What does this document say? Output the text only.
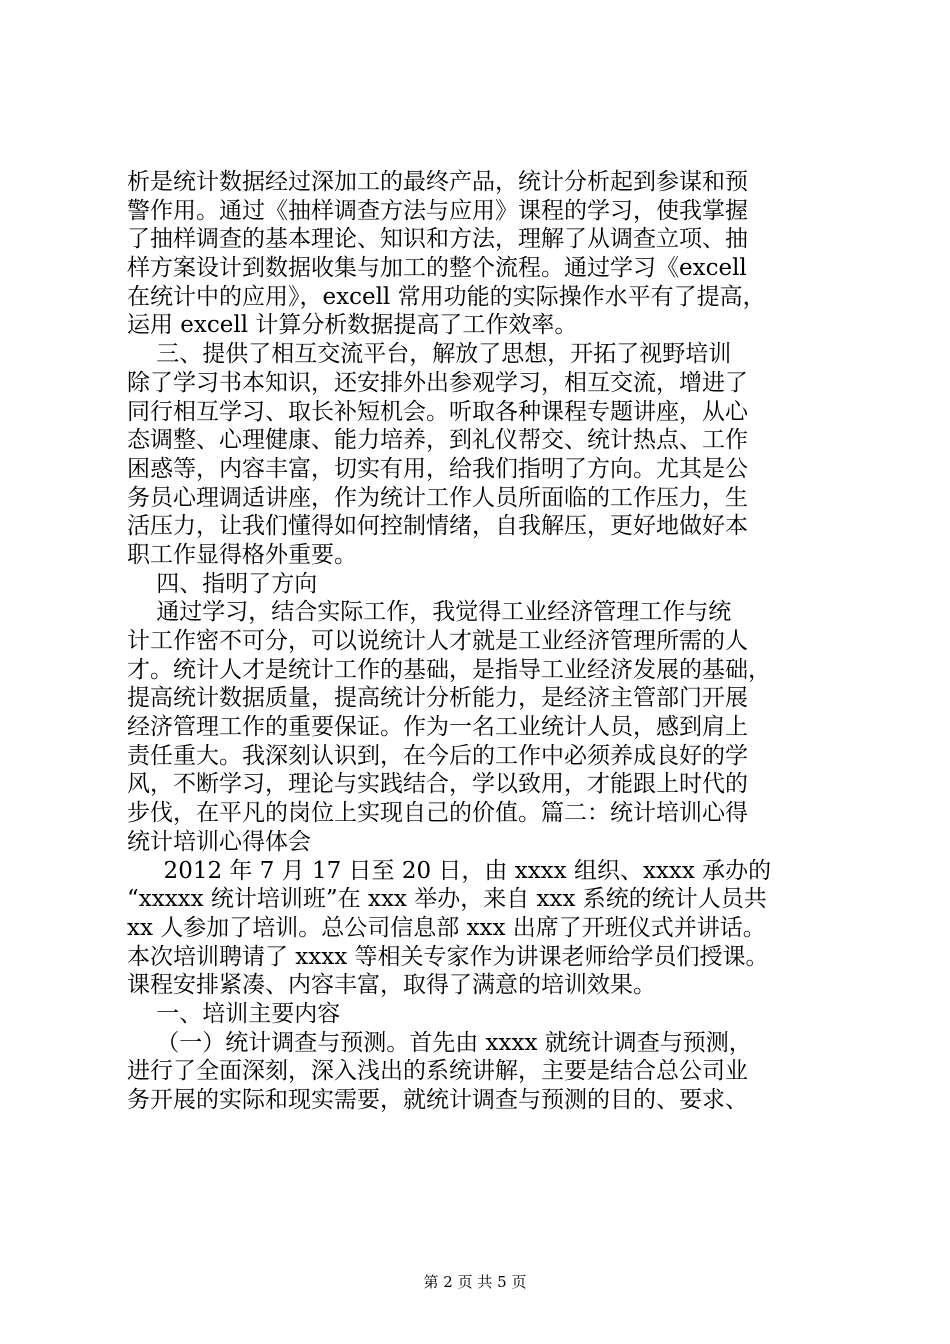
析是统计数据经过深加工的最终产品，统计分析起到参谋和预
警作用。通过《抽样调查方法与应用》课程的学习，使我掌握
了抽样调查的基本理论、知识和方法，理解了从调查立项、抽
样方案设计到数据收集与加工的整个流程。通过学习《excell
在统计中的应用》，excell 常用功能的实际操作水平有了提高，
运用 excell 计算分析数据提高了工作效率。
三、提供了相互交流平台，解放了思想，开拓了视野培训
除了学习书本知识，还安排外出参观学习，相互交流，增进了
同行相互学习、取长补短机会。听取各种课程专题讲座，从心
态调整、心理健康、能力培养，到礼仪帮交、统计热点、工作
困惑等，内容丰富，切实有用，给我们指明了方向。尤其是公
务员心理调适讲座，作为统计工作人员所面临的工作压力，生
活压力，让我们懂得如何控制情绪，自我解压，更好地做好本
职工作显得格外重要。
四、指明了方向
通过学习，结合实际工作，我觉得工业经济管理工作与统
计工作密不可分，可以说统计人才就是工业经济管理所需的人
才。统计人才是统计工作的基础，是指导工业经济发展的基础，
提高统计数据质量，提高统计分析能力，是经济主管部门开展
经济管理工作的重要保证。作为一名工业统计人员，感到肩上
责任重大。我深刻认识到，在今后的工作中必须养成良好的学
风，不断学习，理论与实践结合，学以致用，才能跟上时代的
步伐，在平凡的岗位上实现自己的价值。篇二：统计培训心得
统计培训心得体会
2012 年 7 月 17 日至 20 日，由 xxxx 组织、xxxx 承办的
“xxxxx 统计培训班”在 xxx 举办，来自 xxx 系统的统计人员共
xx 人参加了培训。总公司信息部 xxx 出席了开班仪式并讲话。
本次培训聘请了 xxxx 等相关专家作为讲课老师给学员们授课。
课程安排紧凑、内容丰富，取得了满意的培训效果。
一、培训主要内容
（一）统计调查与预测。首先由 xxxx 就统计调查与预测，
进行了全面深刻，深入浅出的系统讲解，主要是结合总公司业
务开展的实际和现实需要，就统计调查与预测的目的、要求、
第 2 页 共 5 页
